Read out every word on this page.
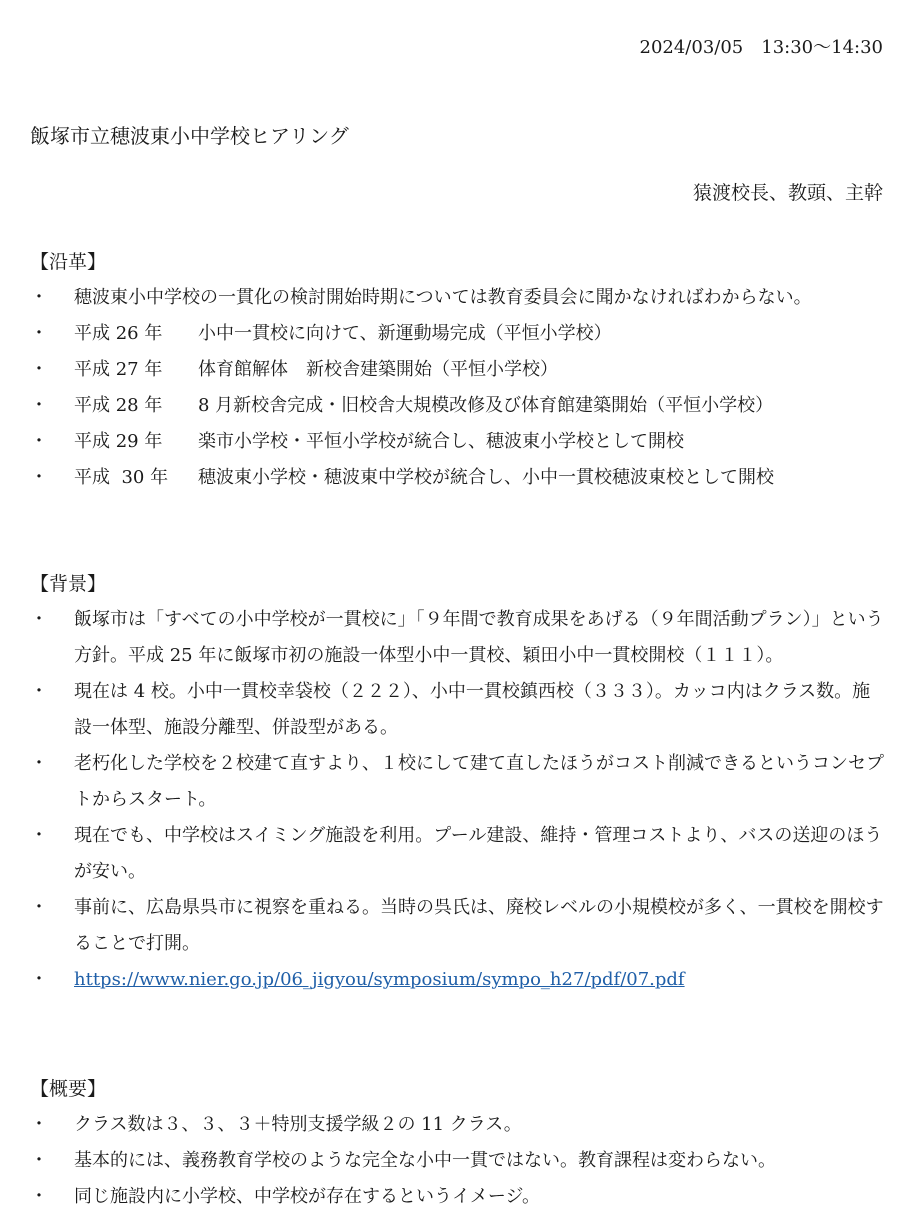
2024/03/05　13:30～14:30
飯塚市立穂波東小中学校ヒアリング
猿渡校長、教頭、主幹
【沿革】
・ 穂波東小中学校の一貫化の検討開始時期については教育委員会に聞かなければわからない。
・ 平成 26 年	小中一貫校に向けて、新運動場完成（平恒小学校）
・ 平成 27 年	体育館解体　新校舎建築開始（平恒小学校）
・ 平成 28 年	8 月新校舎完成・旧校舎大規模改修及び体育館建築開始（平恒小学校）
・ 平成 29 年	楽市小学校・平恒小学校が統合し、穂波東小学校として開校
・ 平成  30 年	穂波東小学校・穂波東中学校が統合し、小中一貫校穂波東校として開校
【背景】
・ 飯塚市は「すべての小中学校が一貫校に」「９年間で教育成果をあげる（９年間活動プラン）」という方針。平成 25 年に飯塚市初の施設一体型小中一貫校、穎田小中一貫校開校（１１１）。
・ 現在は 4 校。小中一貫校幸袋校（２２２）、小中一貫校鎮西校（３３３）。カッコ内はクラス数。施設一体型、施設分離型、併設型がある。
・ 老朽化した学校を２校建て直すより、１校にして建て直したほうがコスト削減できるというコンセプトからスタート。
・ 現在でも、中学校はスイミング施設を利用。プール建設、維持・管理コストより、バスの送迎のほうが安い。
・ 事前に、広島県呉市に視察を重ねる。当時の呉氏は、廃校レベルの小規模校が多く、一貫校を開校することで打開。
・ https://www.nier.go.jp/06_jigyou/symposium/sympo_h27/pdf/07.pdf
【概要】
・ クラス数は３、３、３＋特別支援学級２の 11 クラス。
・ 基本的には、義務教育学校のような完全な小中一貫ではない。教育課程は変わらない。
・ 同じ施設内に小学校、中学校が存在するというイメージ。
